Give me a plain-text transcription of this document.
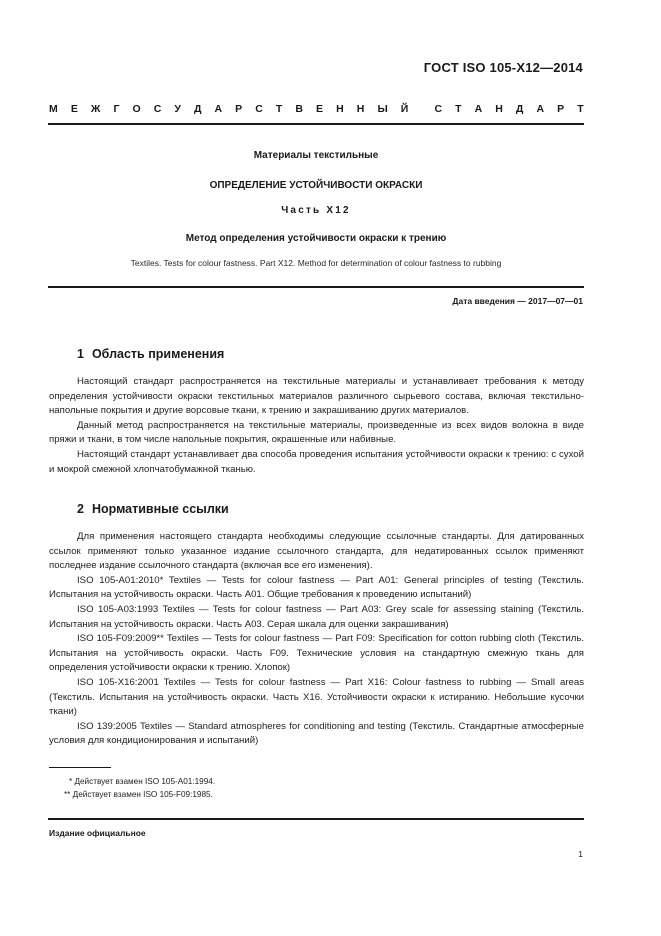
ГОСТ ISO 105-X12—2014
М Е Ж Г О С У Д А Р С Т В Е Н Н Ы Й С Т А Н Д А Р Т
Материалы текстильные
ОПРЕДЕЛЕНИЕ УСТОЙЧИВОСТИ ОКРАСКИ
Часть X12
Метод определения устойчивости окраски к трению
Textiles. Tests for colour fastness. Part X12. Method for determination of colour fastness to rubbing
Дата введения — 2017—07—01
1 Область применения

Настоящий стандарт распространяется на текстильные материалы и устанавливает требования к методу определения устойчивости окраски текстильных материалов различного сырьевого состава, включая текстильно-напольные покрытия и другие ворсовые ткани, к трению и закрашиванию других материалов.

Данный метод распространяется на текстильные материалы, произведенные из всех видов волокна в виде пряжи и ткани, в том числе напольные покрытия, окрашенные или набивные.

Настоящий стандарт устанавливает два способа проведения испытания устойчивости окраски к трению: с сухой и мокрой смежной хлопчатобумажной тканью.

2 Нормативные ссылки

Для применения настоящего стандарта необходимы следующие ссылочные стандарты. Для датированных ссылок применяют только указанное издание ссылочного стандарта, для недатированных ссылок применяют последнее издание ссылочного стандарта (включая все его изменения).

ISO 105-A01:2010* Textiles — Tests for colour fastness — Part A01: General principles of testing (Текстиль. Испытания на устойчивость окраски. Часть A01. Общие требования к проведению испытаний)

ISO 105-A03:1993 Textiles — Tests for colour fastness — Part A03: Grey scale for assessing staining (Текстиль. Испытания на устойчивость окраски. Часть A03. Серая шкала для оценки закрашивания)

ISO 105-F09:2009** Textiles — Tests for colour fastness — Part F09: Specification for cotton rubbing cloth (Текстиль. Испытания на устойчивость окраски. Часть F09. Технические условия на стандартную смежную ткань для определения устойчивости окраски к трению. Хлопок)

ISO 105-X16:2001 Textiles — Tests for colour fastness — Part X16: Colour fastness to rubbing — Small areas (Текстиль. Испытания на устойчивость окраски. Часть X16. Устойчивости окраски к истиранию. Небольшие кусочки ткани)

ISO 139:2005 Textiles — Standard atmospheres for conditioning and testing (Текстиль. Стандартные атмосферные условия для кондиционирования и испытаний)

* Действует взамен ISO 105-A01:1994.
** Действует взамен ISO 105-F09:1985.
Издание официальное
1
